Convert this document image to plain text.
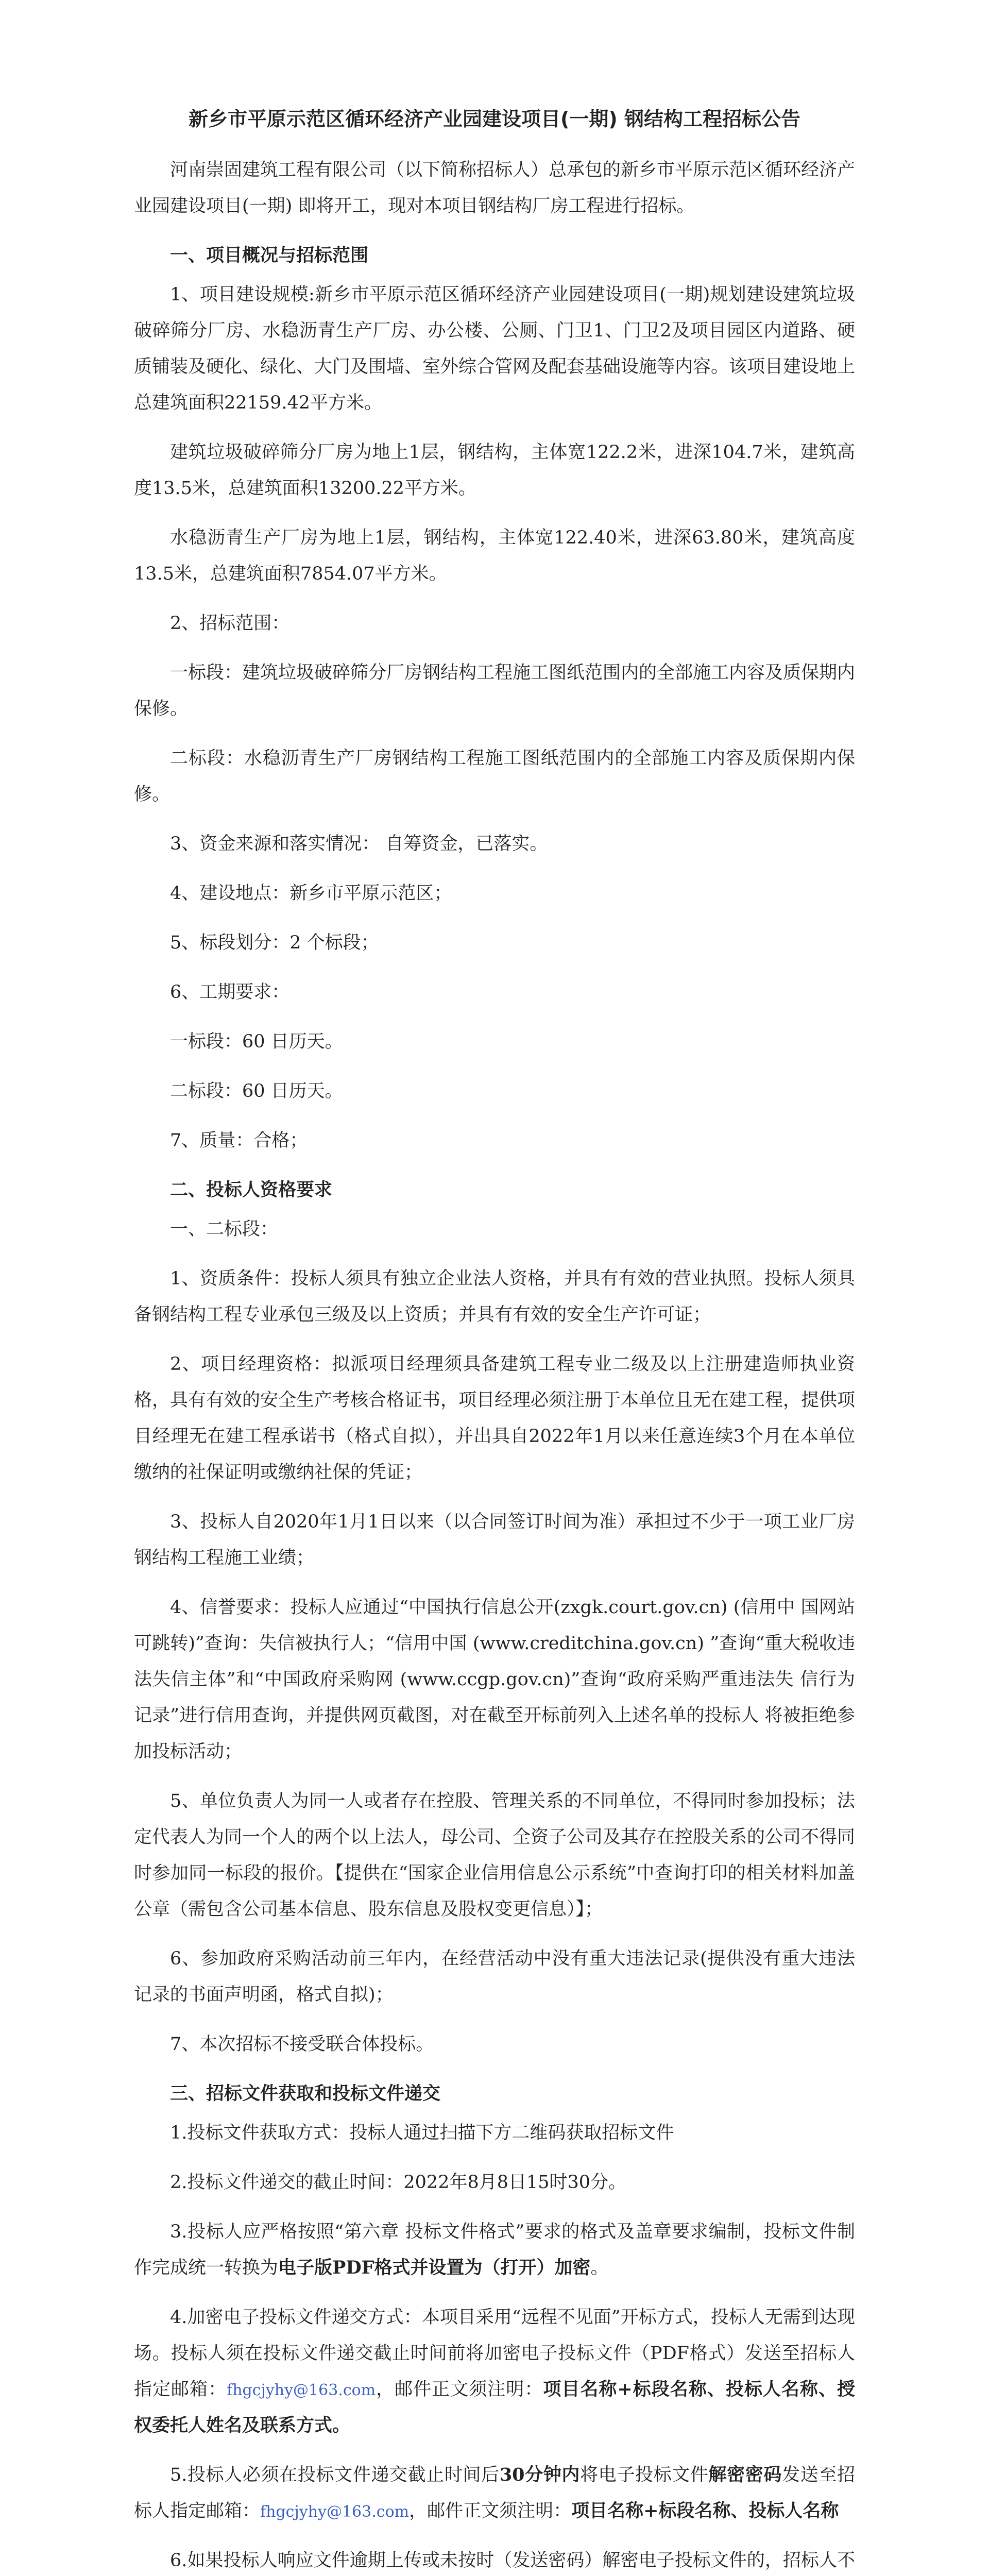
新乡市平原示范区循环经济产业园建设项目(一期) 钢结构工程招标公告

河南崇固建筑工程有限公司（以下简称招标人）总承包的新乡市平原示范区循环经济产业园建设项目(一期) 即将开工，现对本项目钢结构厂房工程进行招标。

一、项目概况与招标范围

1、项目建设规模:新乡市平原示范区循环经济产业园建设项目(一期)规划建设建筑垃圾破碎筛分厂房、水稳沥青生产厂房、办公楼、公厕、门卫1、门卫2及项目园区内道路、硬质铺装及硬化、绿化、大门及围墙、室外综合管网及配套基础设施等内容。该项目建设地上总建筑面积22159.42平方米。

建筑垃圾破碎筛分厂房为地上1层，钢结构，主体宽122.2米，进深104.7米，建筑高度13.5米，总建筑面积13200.22平方米。

水稳沥青生产厂房为地上1层，钢结构，主体宽122.40米，进深63.80米，建筑高度13.5米，总建筑面积7854.07平方米。

2、招标范围：

一标段：建筑垃圾破碎筛分厂房钢结构工程施工图纸范围内的全部施工内容及质保期内保修。

二标段：水稳沥青生产厂房钢结构工程施工图纸范围内的全部施工内容及质保期内保修。

3、资金来源和落实情况： 自筹资金，已落实。

4、建设地点：新乡市平原示范区；

5、标段划分：2 个标段；

6、工期要求：

一标段：60 日历天。

二标段：60 日历天。

7、质量：合格；

二、投标人资格要求

一、二标段：

1、资质条件：投标人须具有独立企业法人资格，并具有有效的营业执照。投标人须具备钢结构工程专业承包三级及以上资质；并具有有效的安全生产许可证；

2、项目经理资格：拟派项目经理须具备建筑工程专业二级及以上注册建造师执业资格，具有有效的安全生产考核合格证书，项目经理必须注册于本单位且无在建工程，提供项目经理无在建工程承诺书（格式自拟），并出具自2022年1月以来任意连续3个月在本单位缴纳的社保证明或缴纳社保的凭证；

3、投标人自2020年1月1日以来（以合同签订时间为准）承担过不少于一项工业厂房钢结构工程施工业绩；

4、信誉要求：投标人应通过“中国执行信息公开(zxgk.court.gov.cn) (信用中 国网站可跳转)”查询：失信被执行人；“信用中国 (www.creditchina.gov.cn) ”查询“重大税收违法失信主体”和“中国政府采购网 (www.ccgp.gov.cn)”查询“政府采购严重违法失 信行为记录”进行信用查询，并提供网页截图，对在截至开标前列入上述名单的投标人 将被拒绝参加投标活动；

5、单位负责人为同一人或者存在控股、管理关系的不同单位，不得同时参加投标；法定代表人为同一个人的两个以上法人，母公司、全资子公司及其存在控股关系的公司不得同时参加同一标段的报价。【提供在“国家企业信用信息公示系统”中查询打印的相关材料加盖公章（需包含公司基本信息、股东信息及股权变更信息）】；

6、参加政府采购活动前三年内，在经营活动中没有重大违法记录(提供没有重大违法记录的书面声明函，格式自拟)；

7、本次招标不接受联合体投标。

三、招标文件获取和投标文件递交

1.投标文件获取方式：投标人通过扫描下方二维码获取招标文件

2.投标文件递交的截止时间：2022年8月8日15时30分。

3.投标人应严格按照“第六章 投标文件格式”要求的格式及盖章要求编制，投标文件制作完成统一转换为电子版PDF格式并设置为（打开）加密。

4.加密电子投标文件递交方式：本项目采用“远程不见面”开标方式，投标人无需到达现场。投标人须在投标文件递交截止时间前将加密电子投标文件（PDF格式）发送至招标人指定邮箱：fhgcjyhy@163.com，邮件正文须注明：项目名称+标段名称、投标人名称、授权委托人姓名及联系方式。

5.投标人必须在投标文件递交截止时间后30分钟内将电子投标文件解密密码发送至招标人指定邮箱：fhgcjyhy@163.com，邮件正文须注明：项目名称+标段名称、投标人名称

6.如果投标人响应文件逾期上传或未按时（发送密码）解密电子投标文件的，招标人不
